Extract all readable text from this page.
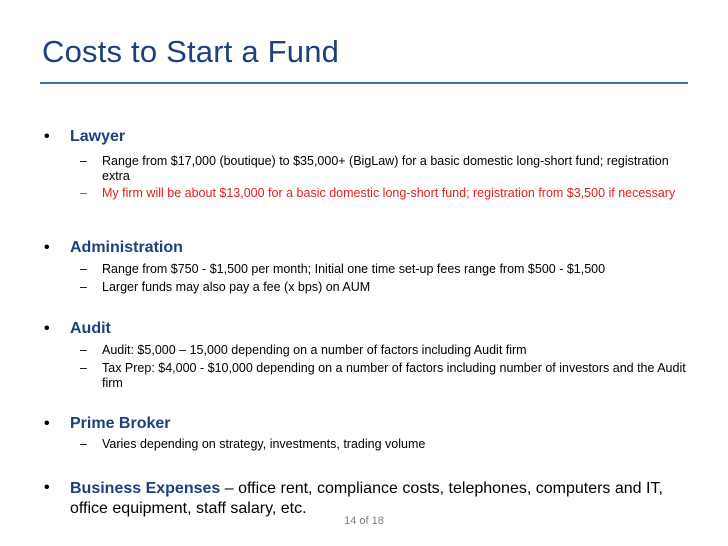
Costs to Start a Fund
• Lawyer
– Range from $17,000 (boutique) to $35,000+ (BigLaw) for a basic domestic long-short fund; registration extra
– My firm will be about $13,000 for a basic domestic long-short fund; registration from $3,500 if necessary
• Administration
– Range from $750 - $1,500 per month; Initial one time set-up fees range from $500 - $1,500
– Larger funds may also pay a fee (x bps) on AUM
• Audit
– Audit: $5,000 – 15,000 depending on a number of factors including Audit firm
– Tax Prep: $4,000 - $10,000 depending on a number of factors including number of investors and the Audit firm
• Prime Broker
– Varies depending on strategy, investments, trading volume
• Business Expenses – office rent, compliance costs, telephones, computers and IT, office equipment, staff salary, etc.
14 of 18
